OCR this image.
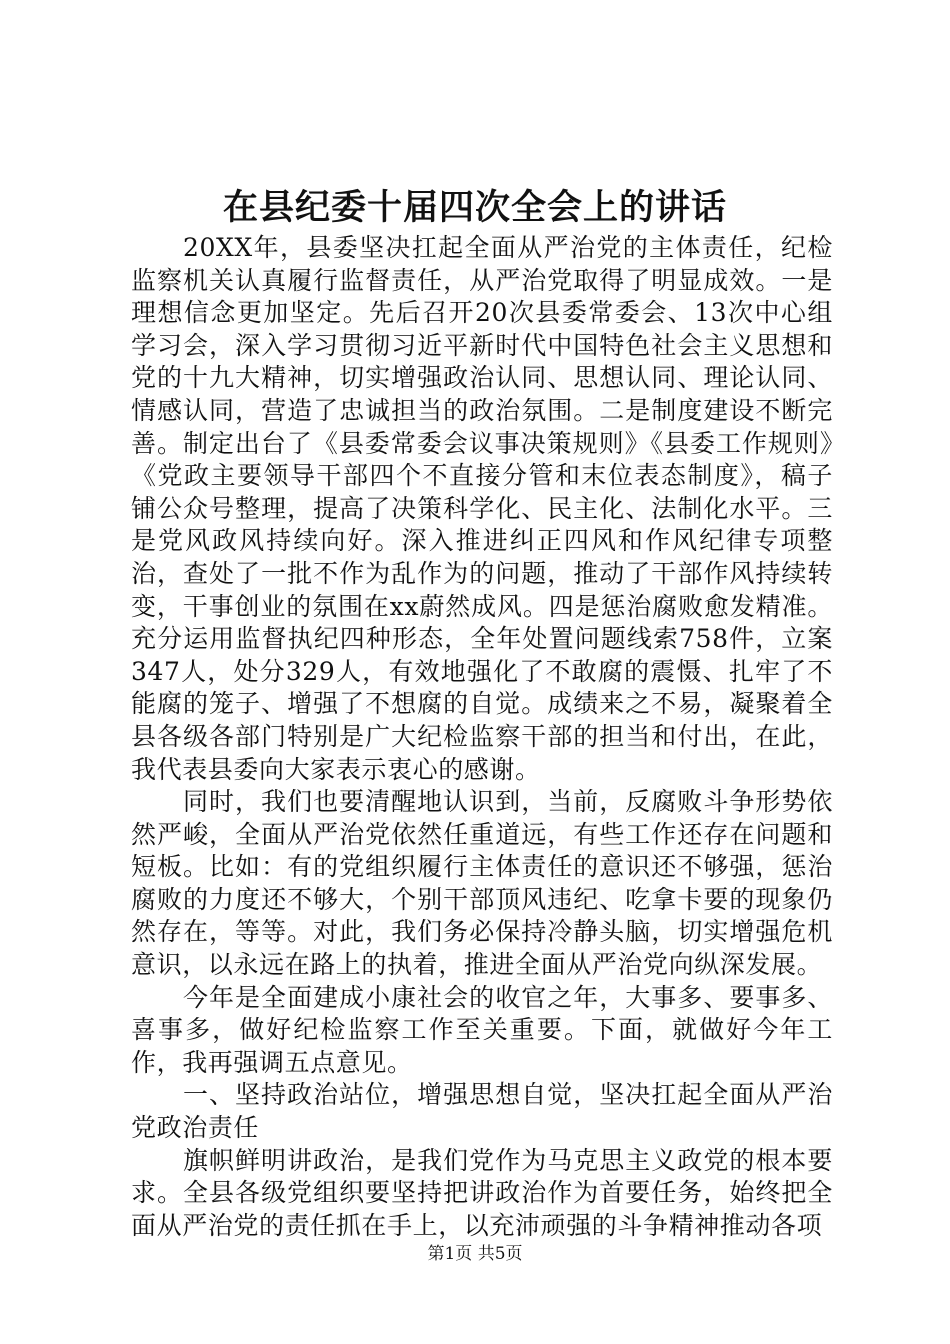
在县纪委十届四次全会上的讲话

20XX年，县委坚决扛起全面从严治党的主体责任，纪检监察机关认真履行监督责任，从严治党取得了明显成效。一是理想信念更加坚定。先后召开20次县委常委会、13次中心组学习会，深入学习贯彻习近平新时代中国特色社会主义思想和党的十九大精神，切实增强政治认同、思想认同、理论认同、情感认同，营造了忠诚担当的政治氛围。二是制度建设不断完善。制定出台了《县委常委会议事决策规则》《县委工作规则》《党政主要领导干部四个不直接分管和末位表态制度》，稿子铺公众号整理，提高了决策科学化、民主化、法制化水平。三是党风政风持续向好。深入推进纠正四风和作风纪律专项整治，查处了一批不作为乱作为的问题，推动了干部作风持续转变，干事创业的氛围在xx蔚然成风。四是惩治腐败愈发精准。充分运用监督执纪四种形态，全年处置问题线索758件，立案347人，处分329人，有效地强化了不敢腐的震慑、扎牢了不能腐的笼子、增强了不想腐的自觉。成绩来之不易，凝聚着全县各级各部门特别是广大纪检监察干部的担当和付出，在此，我代表县委向大家表示衷心的感谢。

同时，我们也要清醒地认识到，当前，反腐败斗争形势依然严峻，全面从严治党依然任重道远，有些工作还存在问题和短板。比如：有的党组织履行主体责任的意识还不够强，惩治腐败的力度还不够大，个别干部顶风违纪、吃拿卡要的现象仍然存在，等等。对此，我们务必保持冷静头脑，切实增强危机意识，以永远在路上的执着，推进全面从严治党向纵深发展。

今年是全面建成小康社会的收官之年，大事多、要事多、喜事多，做好纪检监察工作至关重要。下面，就做好今年工作，我再强调五点意见。

一、坚持政治站位，增强思想自觉，坚决扛起全面从严治党政治责任

旗帜鲜明讲政治，是我们党作为马克思主义政党的根本要求。全县各级党组织要坚持把讲政治作为首要任务，始终把全面从严治党的责任抓在手上，以充沛顽强的斗争精神推动各项

第1页 共5页
